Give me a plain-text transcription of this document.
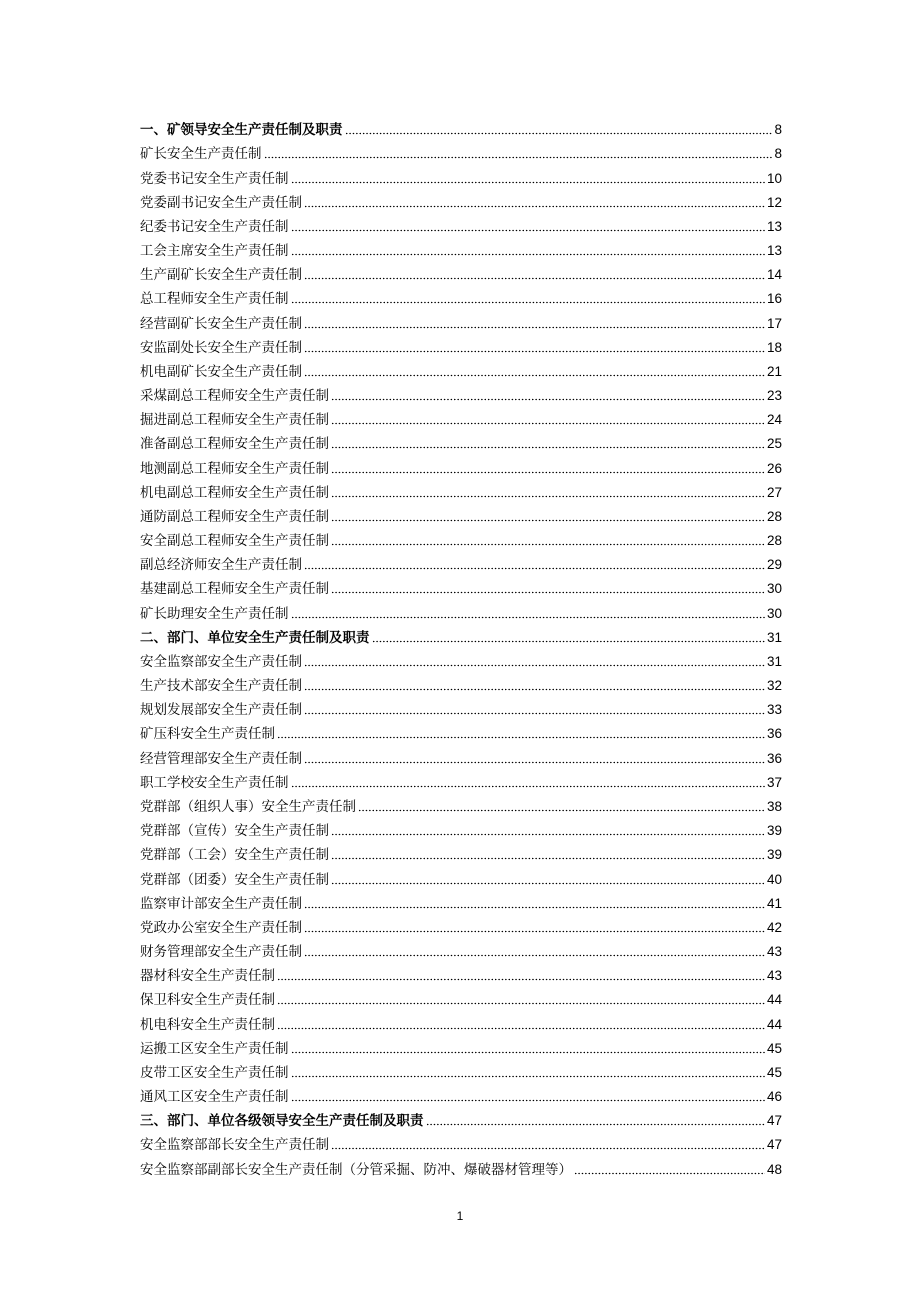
一、矿领导安全生产责任制及职责	8
矿长安全生产责任制	8
党委书记安全生产责任制	10
党委副书记安全生产责任制	12
纪委书记安全生产责任制	13
工会主席安全生产责任制	13
生产副矿长安全生产责任制	14
总工程师安全生产责任制	16
经营副矿长安全生产责任制	17
安监副处长安全生产责任制	18
机电副矿长安全生产责任制	21
采煤副总工程师安全生产责任制	23
掘进副总工程师安全生产责任制	24
准备副总工程师安全生产责任制	25
地测副总工程师安全生产责任制	26
机电副总工程师安全生产责任制	27
通防副总工程师安全生产责任制	28
安全副总工程师安全生产责任制	28
副总经济师安全生产责任制	29
基建副总工程师安全生产责任制	30
矿长助理安全生产责任制	30
二、部门、单位安全生产责任制及职责	31
安全监察部安全生产责任制	31
生产技术部安全生产责任制	32
规划发展部安全生产责任制	33
矿压科安全生产责任制	36
经营管理部安全生产责任制	36
职工学校安全生产责任制	37
党群部（组织人事）安全生产责任制	38
党群部（宣传）安全生产责任制	39
党群部（工会）安全生产责任制	39
党群部（团委）安全生产责任制	40
监察审计部安全生产责任制	41
党政办公室安全生产责任制	42
财务管理部安全生产责任制	43
器材科安全生产责任制	43
保卫科安全生产责任制	44
机电科安全生产责任制	44
运搬工区安全生产责任制	45
皮带工区安全生产责任制	45
通风工区安全生产责任制	46
三、部门、单位各级领导安全生产责任制及职责	47
安全监察部部长安全生产责任制	47
安全监察部副部长安全生产责任制（分管采掘、防冲、爆破器材管理等）	48
1
